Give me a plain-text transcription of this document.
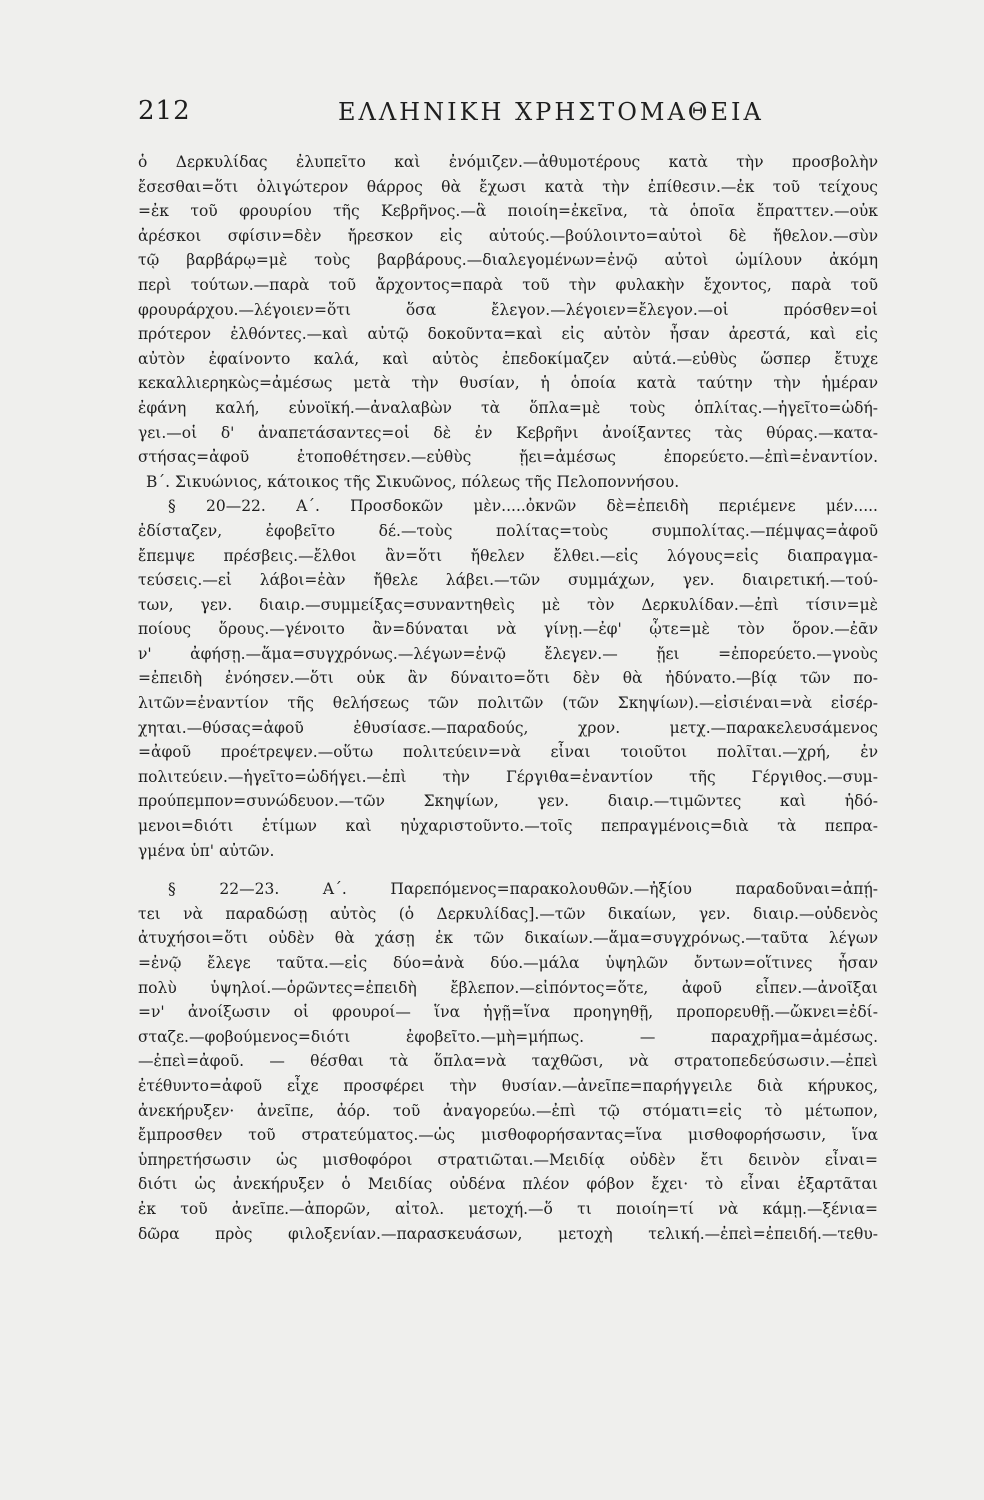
212	ΕΛΛΗΝΙΚΗ ΧΡΗΣΤΟΜΑΘΕΙΑ
ὁ Δερκυλίδας ἐλυπεῖτο καὶ ἐνόμιζεν.—ἀθυμοτέρους κατὰ τὴν προσβολὴν
ἔσεσθαι=ὅτι ὀλιγώτερον θάρρος θὰ ἔχωσι κατὰ τὴν ἐπίθεσιν.—ἐκ τοῦ τείχους
=ἐκ τοῦ φρουρίου τῆς Κεβρῆνος.—ἃ ποιοίη=ἐκεῖνα, τὰ ὁποῖα ἔπραττεν.—οὐκ
ἀρέσκοι σφίσιν=δὲν ἤρεσκον εἰς αὐτούς.—βούλοιντο=αὐτοὶ δὲ ἤθελον.—σὺν
τῷ βαρβάρῳ=μὲ τοὺς βαρβάρους.—διαλεγομένων=ἐνῷ αὐτοὶ ὡμίλουν ἀκόμη
περὶ τούτων.—παρὰ τοῦ ἄρχοντος=παρὰ τοῦ τὴν φυλακὴν ἔχοντος, παρὰ τοῦ
φρουράρχου.—λέγοιεν=ὅτι ὅσα ἔλεγον.—λέγοιεν=ἔλεγον.—οἱ πρόσθεν=οἱ
πρότερον ἐλθόντες.—καὶ αὐτῷ δοκοῦντα=καὶ εἰς αὐτὸν ἦσαν ἀρεστά, καὶ εἰς
αὐτὸν ἐφαίνοντο καλά, καὶ αὐτὸς ἐπεδοκίμαζεν αὐτά.—εὐθὺς ὥσπερ ἔτυχε
κεκαλλιερηκὼς=ἀμέσως μετὰ τὴν θυσίαν, ἡ ὁποία κατὰ ταύτην τὴν ἡμέραν
ἐφάνη καλή, εὐνοϊκή.—ἀναλαβὼν τὰ ὅπλα=μὲ τοὺς ὁπλίτας.—ἡγεῖτο=ὡδή-
γει.—οἱ δ' ἀναπετάσαντες=οἱ δὲ ἐν Κεβρῆνι ἀνοίξαντες τὰς θύρας.—κατα-
στήσας=ἀφοῦ ἐτοποθέτησεν.—εὐθὺς ᾔει=ἀμέσως ἐπορεύετο.—ἐπὶ=ἐναντίον.
Β΄. Σικυώνιος, κάτοικος τῆς Σικυῶνος, πόλεως τῆς Πελοποννήσου.
§ 20—22. Α΄. Προσδοκῶν μὲν.....ὀκνῶν δὲ=ἐπειδὴ περιέμενε μέν.....
ἐδίσταζεν, ἐφοβεῖτο δέ.—τοὺς πολίτας=τοὺς συμπολίτας.—πέμψας=ἀφοῦ
ἔπεμψε πρέσβεις.—ἔλθοι ἂν=ὅτι ἤθελεν ἔλθει.—εἰς λόγους=εἰς διαπραγμα-
τεύσεις.—εἰ λάβοι=ἐὰν ἤθελε λάβει.—τῶν συμμάχων, γεν. διαιρετική.—τού-
των, γεν. διαιρ.—συμμείξας=συναντηθεὶς μὲ τὸν Δερκυλίδαν.—ἐπὶ τίσιν=μὲ
ποίους ὅρους.—γένοιτο ἂν=δύναται νὰ γίνῃ.—ἐφ' ᾧτε=μὲ τὸν ὅρον.—ἐᾶν
ν' ἀφήσῃ.—ἅμα=συγχρόνως.—λέγων=ἐνῷ ἔλεγεν.— ᾔει =ἐπορεύετο.—γνοὺς
=ἐπειδὴ ἐνόησεν.—ὅτι οὐκ ἂν δύναιτο=ὅτι δὲν θὰ ἠδύνατο.—βίᾳ τῶν πο-
λιτῶν=ἐναντίον τῆς θελήσεως τῶν πολιτῶν (τῶν Σκηψίων).—εἰσιέναι=νὰ εἰσέρ-
χηται.—θύσας=ἀφοῦ ἐθυσίασε.—παραδούς, χρον. μετχ.—παρακελευσάμενος
=ἀφοῦ προέτρεψεν.—οὕτω πολιτεύειν=νὰ εἶναι τοιοῦτοι πολῖται.—χρή, ἐν
πολιτεύειν.—ἡγεῖτο=ὡδήγει.—ἐπὶ τὴν Γέργιθα=ἐναντίον τῆς Γέργιθος.—συμ-
προύπεμπον=συνώδευον.—τῶν Σκηψίων, γεν. διαιρ.—τιμῶντες καὶ ἡδό-
μενοι=διότι ἐτίμων καὶ ηὐχαριστοῦντο.—τοῖς πεπραγμένοις=διὰ τὰ πεπρα-
γμένα ὑπ' αὐτῶν.
§ 22—23. Α΄. Παρεπόμενος=παρακολουθῶν.—ἠξίου παραδοῦναι=ἀπῄ-
τει νὰ παραδώσῃ αὐτὸς (ὁ Δερκυλίδας].—τῶν δικαίων, γεν. διαιρ.—οὐδενὸς
ἀτυχήσοι=ὅτι οὐδὲν θὰ χάσῃ ἐκ τῶν δικαίων.—ἅμα=συγχρόνως.—ταῦτα λέγων
=ἐνῷ ἔλεγε ταῦτα.—εἰς δύο=ἀνὰ δύο.—μάλα ὑψηλῶν ὄντων=οἵτινες ἦσαν
πολὺ ὑψηλοί.—ὁρῶντες=ἐπειδὴ ἔβλεπον.—εἰπόντος=ὅτε, ἀφοῦ εἶπεν.—ἀνοῖξαι
=ν' ἀνοίξωσιν οἱ φρουροί— ἵνα ἡγῇ=ἵνα προηγηθῇ, προπορευθῇ.—ὤκνει=ἐδί-
σταζε.—φοβούμενος=διότι ἐφοβεῖτο.—μὴ=μήπως. — παραχρῆμα=ἀμέσως.
—ἐπεὶ=ἀφοῦ. — θέσθαι τὰ ὅπλα=νὰ ταχθῶσι, νὰ στρατοπεδεύσωσιν.—ἐπεὶ
ἐτέθυντο=ἀφοῦ εἶχε προσφέρει τὴν θυσίαν.—ἀνεῖπε=παρήγγειλε διὰ κήρυκος,
ἀνεκήρυξεν· ἀνεῖπε, ἀόρ. τοῦ ἀναγορεύω.—ἐπὶ τῷ στόματι=εἰς τὸ μέτωπον,
ἔμπροσθεν τοῦ στρατεύματος.—ὡς μισθοφορήσαντας=ἵνα μισθοφορήσωσιν, ἵνα
ὑπηρετήσωσιν ὡς μισθοφόροι στρατιῶται.—Μειδίᾳ οὐδὲν ἔτι δεινὸν εἶναι=
διότι ὡς ἀνεκήρυξεν ὁ Μειδίας οὐδένα πλέον φόβον ἔχει· τὸ εἶναι ἐξαρτᾶται
ἐκ τοῦ ἀνεῖπε.—ἀπορῶν, αἰτολ. μετοχή.—ὅ τι ποιοίη=τί νὰ κάμῃ.—ξένια=
δῶρα πρὸς φιλοξενίαν.—παρασκευάσων, μετοχὴ τελική.—ἐπεὶ=ἐπειδή.—τεθυ-
